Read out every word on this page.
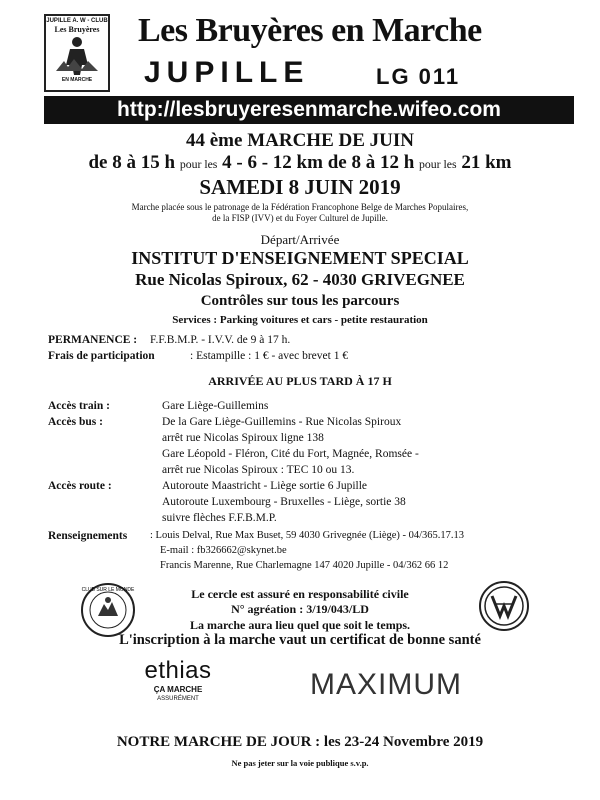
JUPILLE A. W - CLUB
Les Bruyères
EN MARCHE
Les Bruyères en Marche
JUPILLE	LG 011
http://lesbruyeresenmarche.wifeo.com
44 ème MARCHE DE JUIN
de 8 à 15 h pour les 4 - 6 - 12 km de 8 à 12 h pour les 21 km
SAMEDI 8 JUIN 2019
Marche placée sous le patronage de la Fédération Francophone Belge de Marches Populaires,
de la FISP (IVV) et du Foyer Culturel de Jupille.
Départ/Arrivée
INSTITUT D'ENSEIGNEMENT SPECIAL
Rue Nicolas Spiroux, 62 - 4030 GRIVEGNEE
Contrôles sur tous les parcours
Services : Parking voitures et cars - petite restauration
PERMANENCE : F.F.B.M.P. - I.V.V. de 9 à 17 h.
Frais de participation	: Estampille : 1 € - avec brevet 1 €
ARRIVÉE AU PLUS TARD À 17 H
Accès train :	Gare Liège-Guillemins
Accès bus :	De la Gare Liège-Guillemins - Rue Nicolas Spiroux
arrêt rue Nicolas Spiroux ligne 138
Gare Léopold - Fléron, Cité du Fort, Magnée, Romsée -
arrêt rue Nicolas Spiroux : TEC 10 ou 13.
Accès route :	Autoroute Maastricht - Liège sortie 6 Jupille
Autoroute Luxembourg - Bruxelles - Liège, sortie 38
suivre flèches F.F.B.M.P.
Renseignements : Louis Delval, Rue Max Buset, 59 4030 Grivegnée (Liège) - 04/365.17.13
E-mail : fb326662@skynet.be
Francis Marenne, Rue Charlemagne 147 4020 Jupille - 04/362 66 12
CLUB SUR LE MONDE	Le cercle est assuré en responsabilité civile
N° agréation : 3/19/043/LD
La marche aura lieu quel que soit le temps.
L'inscription à la marche vaut un certificat de bonne santé
ethias
ÇA MARCHE
ASSURÉMENT	MAXIMUM
NOTRE MARCHE DE JOUR : les 23-24 Novembre 2019
Ne pas jeter sur la voie publique s.v.p.
